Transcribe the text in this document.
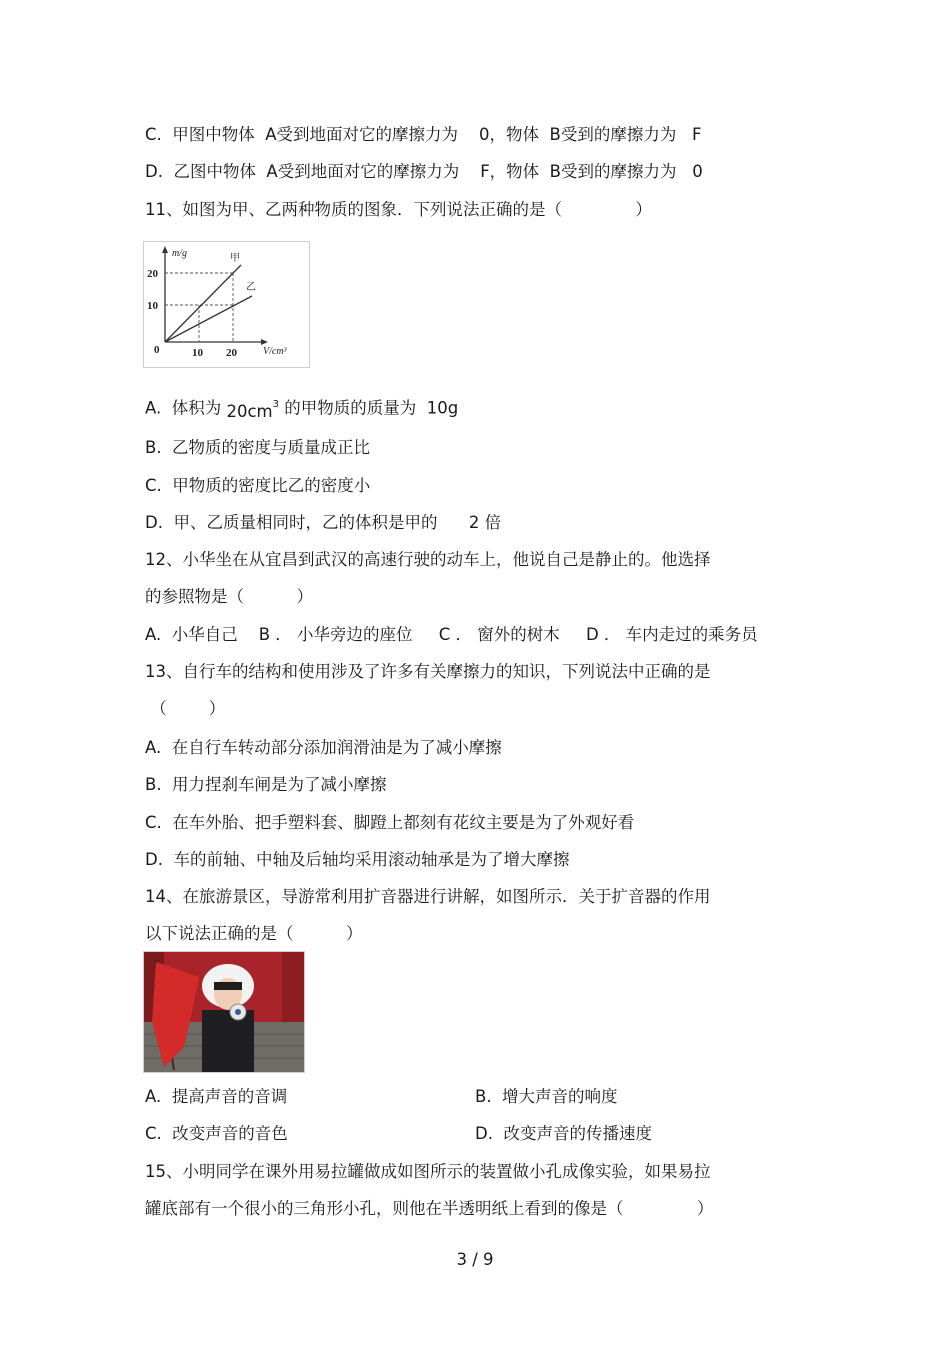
C.  甲图中物体  A受到地面对它的摩擦力为    0，物体  B受到的摩擦力为   F
D.  乙图中物体  A受到地面对它的摩擦力为    F，物体  B受到的摩擦力为   0
11、如图为甲、乙两种物质的图象．下列说法正确的是（              ）
m/g
20
10
0	10 20	V/cm³
甲
乙
A.  体积为 $20cm^3$ 的甲物质的质量为  10g
B.  乙物质的密度与质量成正比
C.  甲物质的密度比乙的密度小
D.  甲、乙质量相同时，乙的体积是甲的      2 倍
12、小华坐在从宜昌到武汉的高速行驶的动车上，他说自己是静止的。他选择
的参照物是（          ）
A.  小华自己    B ． 小华旁边的座位     C ． 窗外的树木     D ． 车内走过的乘务员
13、自行车的结构和使用涉及了许多有关摩擦力的知识，下列说法中正确的是
（        ）
A.  在自行车转动部分添加润滑油是为了减小摩擦
B.  用力捏刹车闸是为了减小摩擦
C.  在车外胎、把手塑料套、脚蹬上都刻有花纹主要是为了外观好看
D.  车的前轴、中轴及后轴均采用滚动轴承是为了增大摩擦
14、在旅游景区，导游常利用扩音器进行讲解，如图所示．关于扩音器的作用
以下说法正确的是（          ）
A.  提高声音的音调	B.  增大声音的响度
C.  改变声音的音色	D.  改变声音的传播速度
15、小明同学在课外用易拉罐做成如图所示的装置做小孔成像实验，如果易拉
罐底部有一个很小的三角形小孔，则他在半透明纸上看到的像是（              ）
3 / 9
